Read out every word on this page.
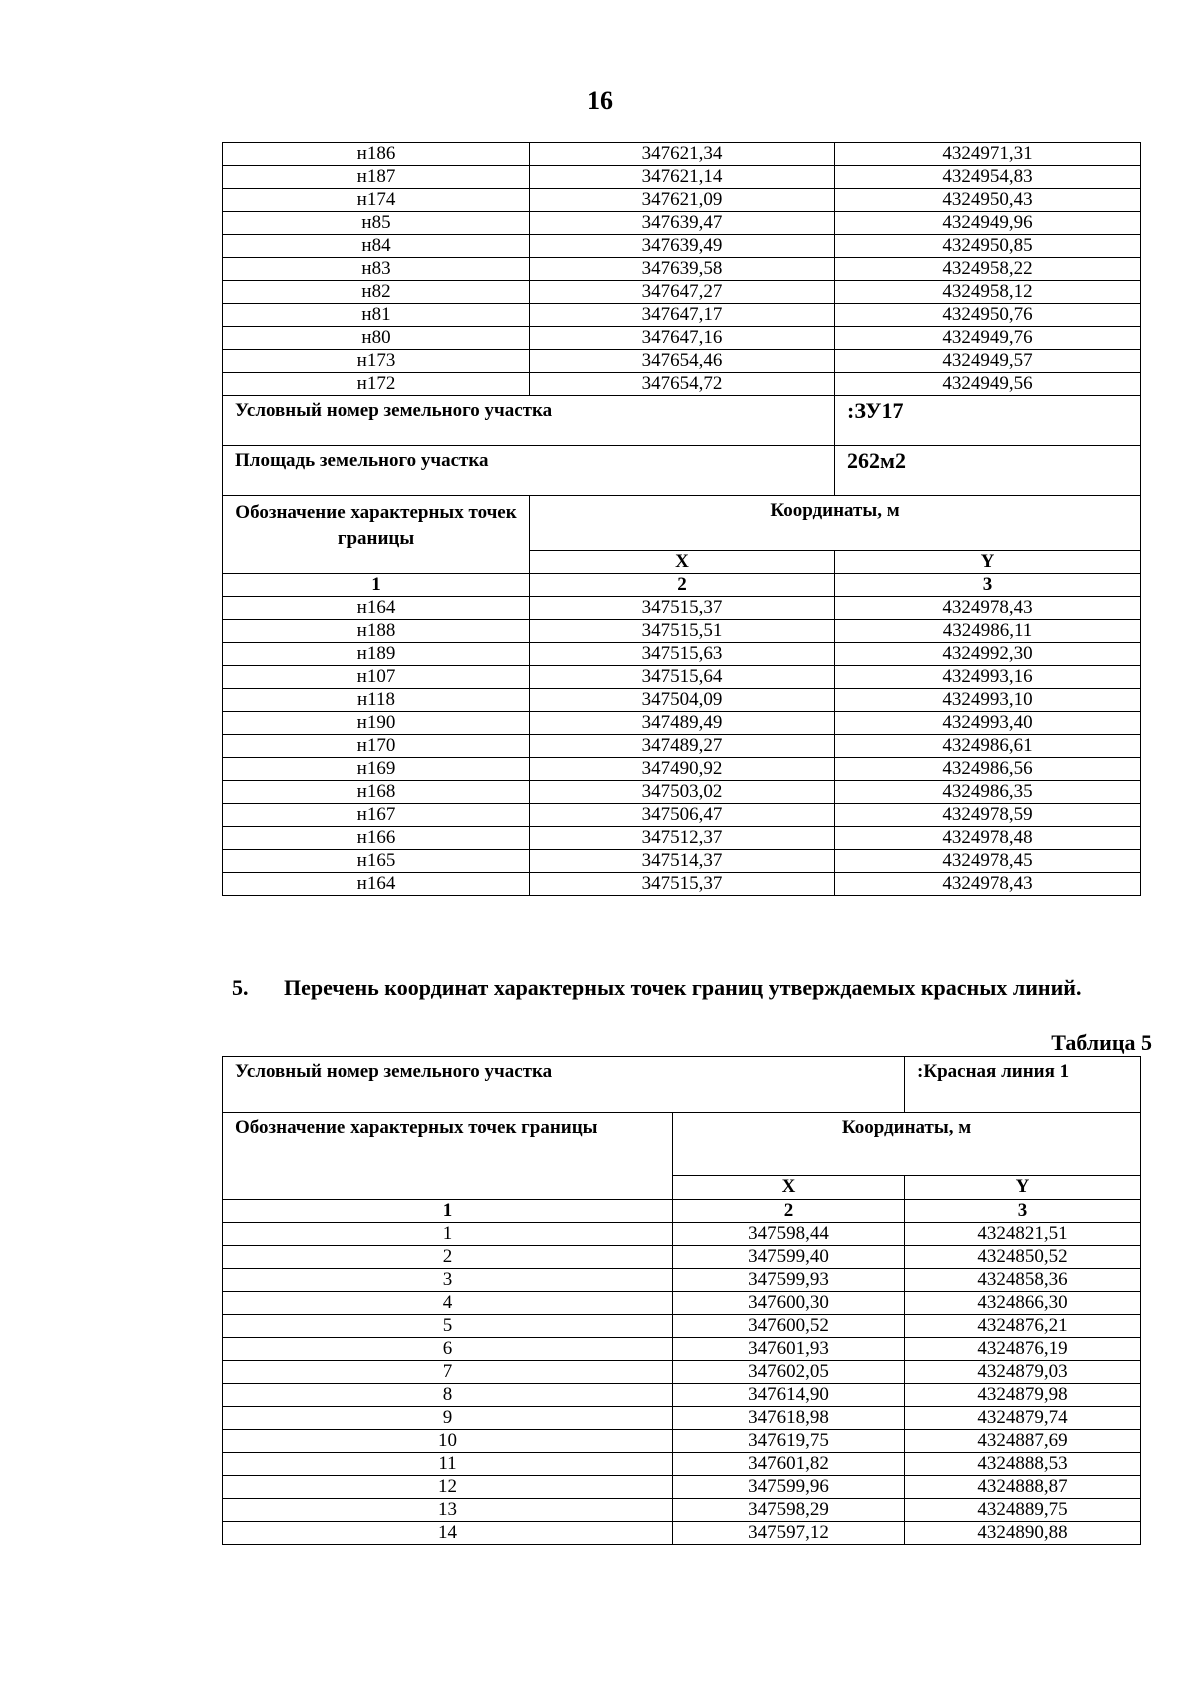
16
н186	347621,34	4324971,31
н187	347621,14	4324954,83
н174	347621,09	4324950,43
н85	347639,47	4324949,96
н84	347639,49	4324950,85
н83	347639,58	4324958,22
н82	347647,27	4324958,12
н81	347647,17	4324950,76
н80	347647,16	4324949,76
н173	347654,46	4324949,57
н172	347654,72	4324949,56
Условный номер земельного участка		:ЗУ17
Площадь земельного участка		262м2
Обозначение характерных точек границы	Координаты, м	
	X	Y
1	2	3
н164	347515,37	4324978,43
н188	347515,51	4324986,11
н189	347515,63	4324992,30
н107	347515,64	4324993,16
н118	347504,09	4324993,10
н190	347489,49	4324993,40
н170	347489,27	4324986,61
н169	347490,92	4324986,56
н168	347503,02	4324986,35
н167	347506,47	4324978,59
н166	347512,37	4324978,48
н165	347514,37	4324978,45
н164	347515,37	4324978,43
5. Перечень координат характерных точек границ утверждаемых красных линий.
Таблица 5
Условный номер земельного участка		:Красная линия 1
Обозначение характерных точек границы	Координаты, м	
	X	Y
1	2	3
1	347598,44	4324821,51
2	347599,40	4324850,52
3	347599,93	4324858,36
4	347600,30	4324866,30
5	347600,52	4324876,21
6	347601,93	4324876,19
7	347602,05	4324879,03
8	347614,90	4324879,98
9	347618,98	4324879,74
10	347619,75	4324887,69
11	347601,82	4324888,53
12	347599,96	4324888,87
13	347598,29	4324889,75
14	347597,12	4324890,88
